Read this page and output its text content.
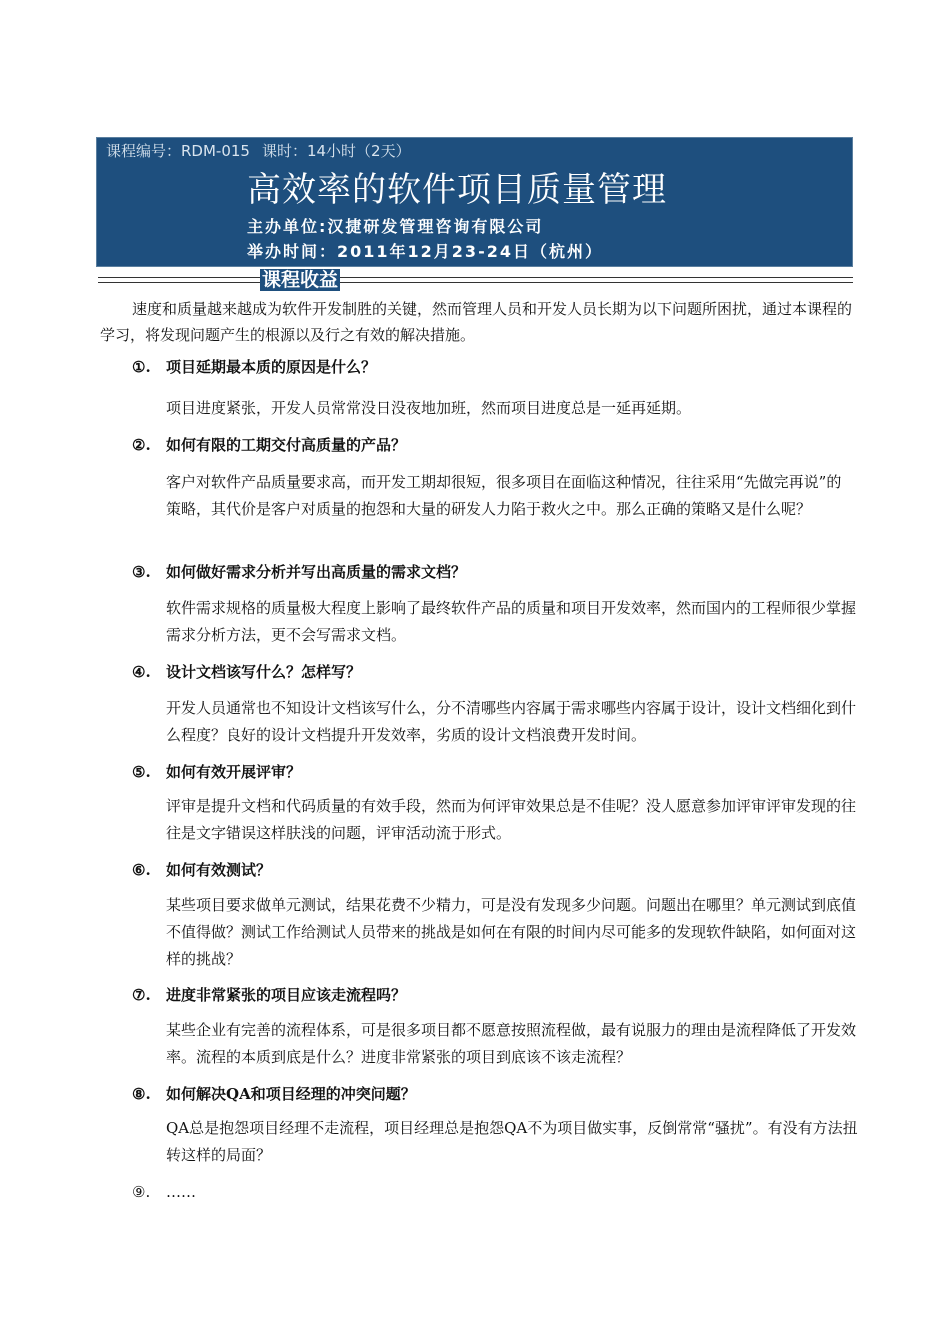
课程编号：RDM-015 课时：14小时（2天）
高效率的软件项目质量管理
主办单位:汉捷研发管理咨询有限公司
举办时间：2011年12月23-24日（杭州）
课程收益

速度和质量越来越成为软件开发制胜的关键，然而管理人员和开发人员长期为以下问题所困扰，通过本课程的学习，将发现问题产生的根源以及行之有效的解决措施。

①. 项目延期最本质的原因是什么？

项目进度紧张，开发人员常常没日没夜地加班，然而项目进度总是一延再延期。

②. 如何有限的工期交付高质量的产品？

客户对软件产品质量要求高，而开发工期却很短，很多项目在面临这种情况，往往采用“先做完再说”的策略，其代价是客户对质量的抱怨和大量的研发人力陷于救火之中。那么正确的策略又是什么呢？

③. 如何做好需求分析并写出高质量的需求文档？

软件需求规格的质量极大程度上影响了最终软件产品的质量和项目开发效率，然而国内的工程师很少掌握需求分析方法，更不会写需求文档。

④. 设计文档该写什么？怎样写？

开发人员通常也不知设计文档该写什么，分不清哪些内容属于需求哪些内容属于设计，设计文档细化到什么程度？良好的设计文档提升开发效率，劣质的设计文档浪费开发时间。

⑤. 如何有效开展评审？

评审是提升文档和代码质量的有效手段，然而为何评审效果总是不佳呢？没人愿意参加评审评审发现的往往是文字错误这样肤浅的问题，评审活动流于形式。

⑥. 如何有效测试？

某些项目要求做单元测试，结果花费不少精力，可是没有发现多少问题。问题出在哪里？单元测试到底值不值得做？测试工作给测试人员带来的挑战是如何在有限的时间内尽可能多的发现软件缺陷，如何面对这样的挑战？

⑦. 进度非常紧张的项目应该走流程吗？

某些企业有完善的流程体系，可是很多项目都不愿意按照流程做，最有说服力的理由是流程降低了开发效率。流程的本质到底是什么？进度非常紧张的项目到底该不该走流程？

⑧. 如何解决QA和项目经理的冲突问题？

QA总是抱怨项目经理不走流程，项目经理总是抱怨QA不为项目做实事，反倒常常“骚扰”。有没有方法扭转这样的局面？

⑨. ……
